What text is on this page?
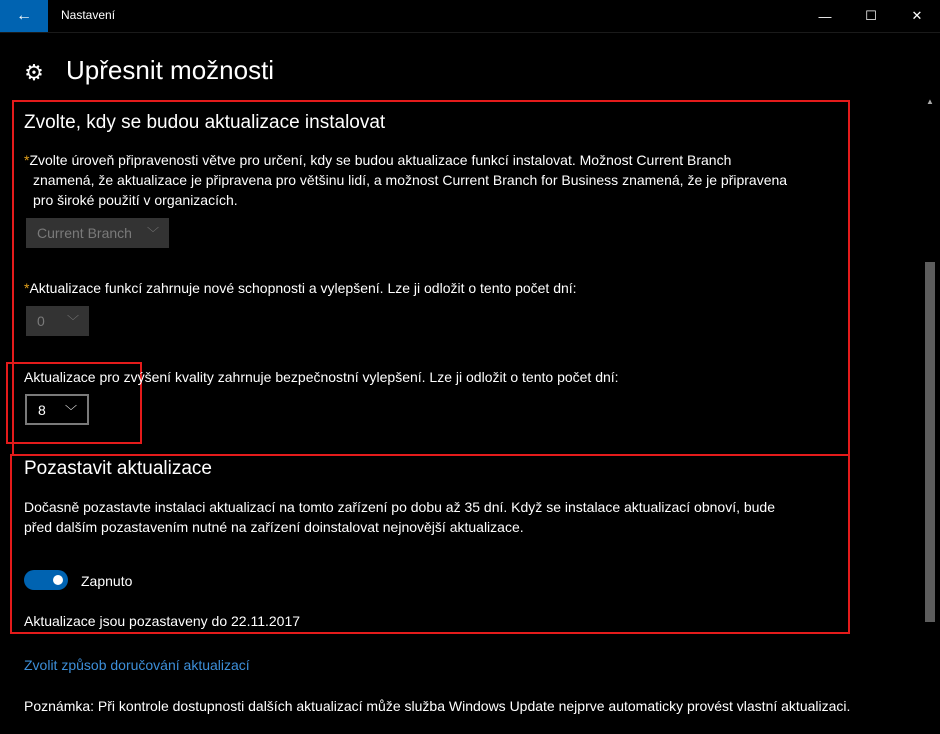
← Nastavení	—	☐	✕
⚙ Upřesnit možnosti
▲
Zvolte, kdy se budou aktualizace instalovat
*Zvolte úroveň připravenosti větve pro určení, kdy se budou aktualizace funkcí instalovat. Možnost Current Branch
znamená, že aktualizace je připravena pro většinu lidí, a možnost Current Branch for Business znamená, že je připravena
pro široké použití v organizacích.
Current Branch ﹀
*Aktualizace funkcí zahrnuje nové schopnosti a vylepšení. Lze ji odložit o tento počet dní:
0 ﹀
Aktualizace pro zvýšení kvality zahrnuje bezpečnostní vylepšení. Lze ji odložit o tento počet dní:
8 ﹀
Pozastavit aktualizace
Dočasně pozastavte instalaci aktualizací na tomto zařízení po dobu až 35 dní. Když se instalace aktualizací obnoví, bude
před dalším pozastavením nutné na zařízení doinstalovat nejnovější aktualizace.
Zapnuto
Aktualizace jsou pozastaveny do 22.11.2017
Zvolit způsob doručování aktualizací
Poznámka: Při kontrole dostupnosti dalších aktualizací může služba Windows Update nejprve automaticky provést vlastní aktualizaci.
